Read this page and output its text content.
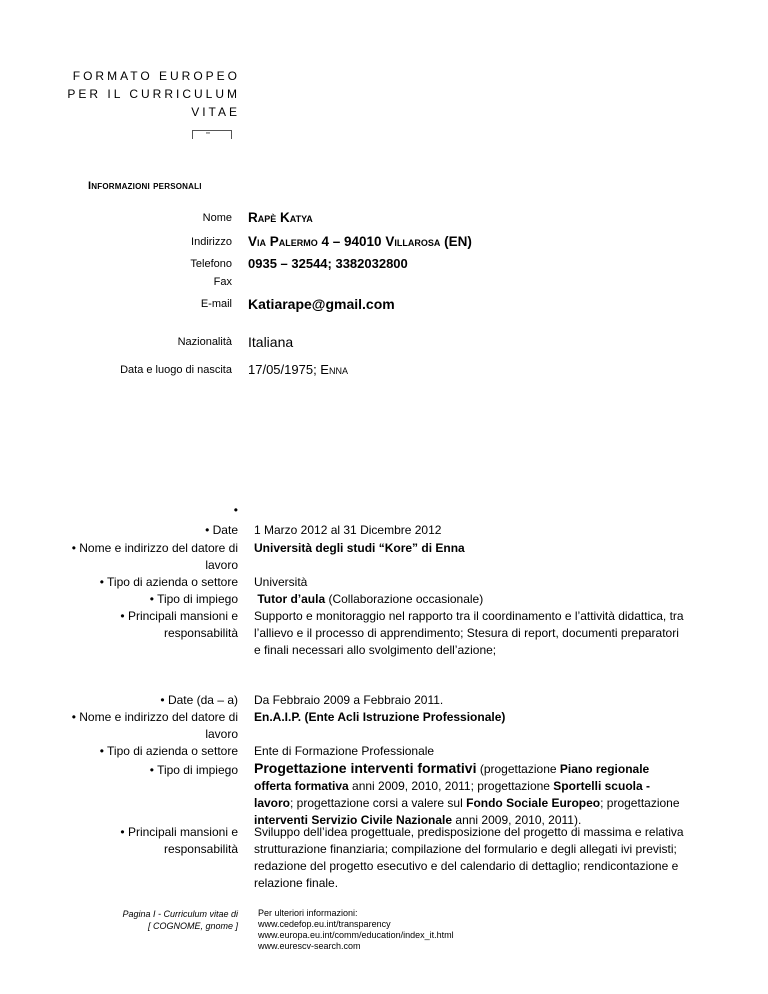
FORMATO EUROPEO
PER IL CURRICULUM
VITAE
**
Informazioni personali
Nome Rapè Katya
Indirizzo Via Palermo 4 – 94010 Villarosa (EN)
Telefono 0935 – 32544; 3382032800
Fax
E-mail Katiarape@gmail.com
Nazionalità Italiana
Data e luogo di nascita 17/05/1975; Enna
•
• Date 1 Marzo 2012 al 31 Dicembre 2012
• Nome e indirizzo del datore di lavoro
Università degli studi “Kore” di Enna
• Tipo di azienda o settore Università
• Tipo di impiego Tutor d’aula (Collaborazione occasionale)
• Principali mansioni e responsabilità
Supporto e monitoraggio nel rapporto tra il coordinamento e l’attività didattica, tra l’allievo e il processo di apprendimento; Stesura di report, documenti preparatori e finali necessari allo svolgimento dell’azione;
• Date (da – a) Da Febbraio 2009 a Febbraio 2011.
• Nome e indirizzo del datore di lavoro
En.A.I.P. (Ente Acli Istruzione Professionale)
• Tipo di azienda o settore Ente di Formazione Professionale
• Tipo di impiego Progettazione interventi formativi (progettazione Piano regionale offerta formativa anni 2009, 2010, 2011; progettazione Sportelli scuola - lavoro; progettazione corsi a valere sul Fondo Sociale Europeo; progettazione interventi Servizio Civile Nazionale anni 2009, 2010, 2011).
• Principali mansioni e responsabilità
Sviluppo dell’idea progettuale, predisposizione del progetto di massima e relativa strutturazione finanziaria; compilazione del formulario e degli allegati ivi previsti; redazione del progetto esecutivo e del calendario di dettaglio; rendicontazione e relazione finale.
Pagina I - Curriculum vitae di
[ COGNOME, gnome ]
Per ulteriori informazioni:
www.cedefop.eu.int/transparency
www.europa.eu.int/comm/education/index_it.html
www.eurescv-search.com
